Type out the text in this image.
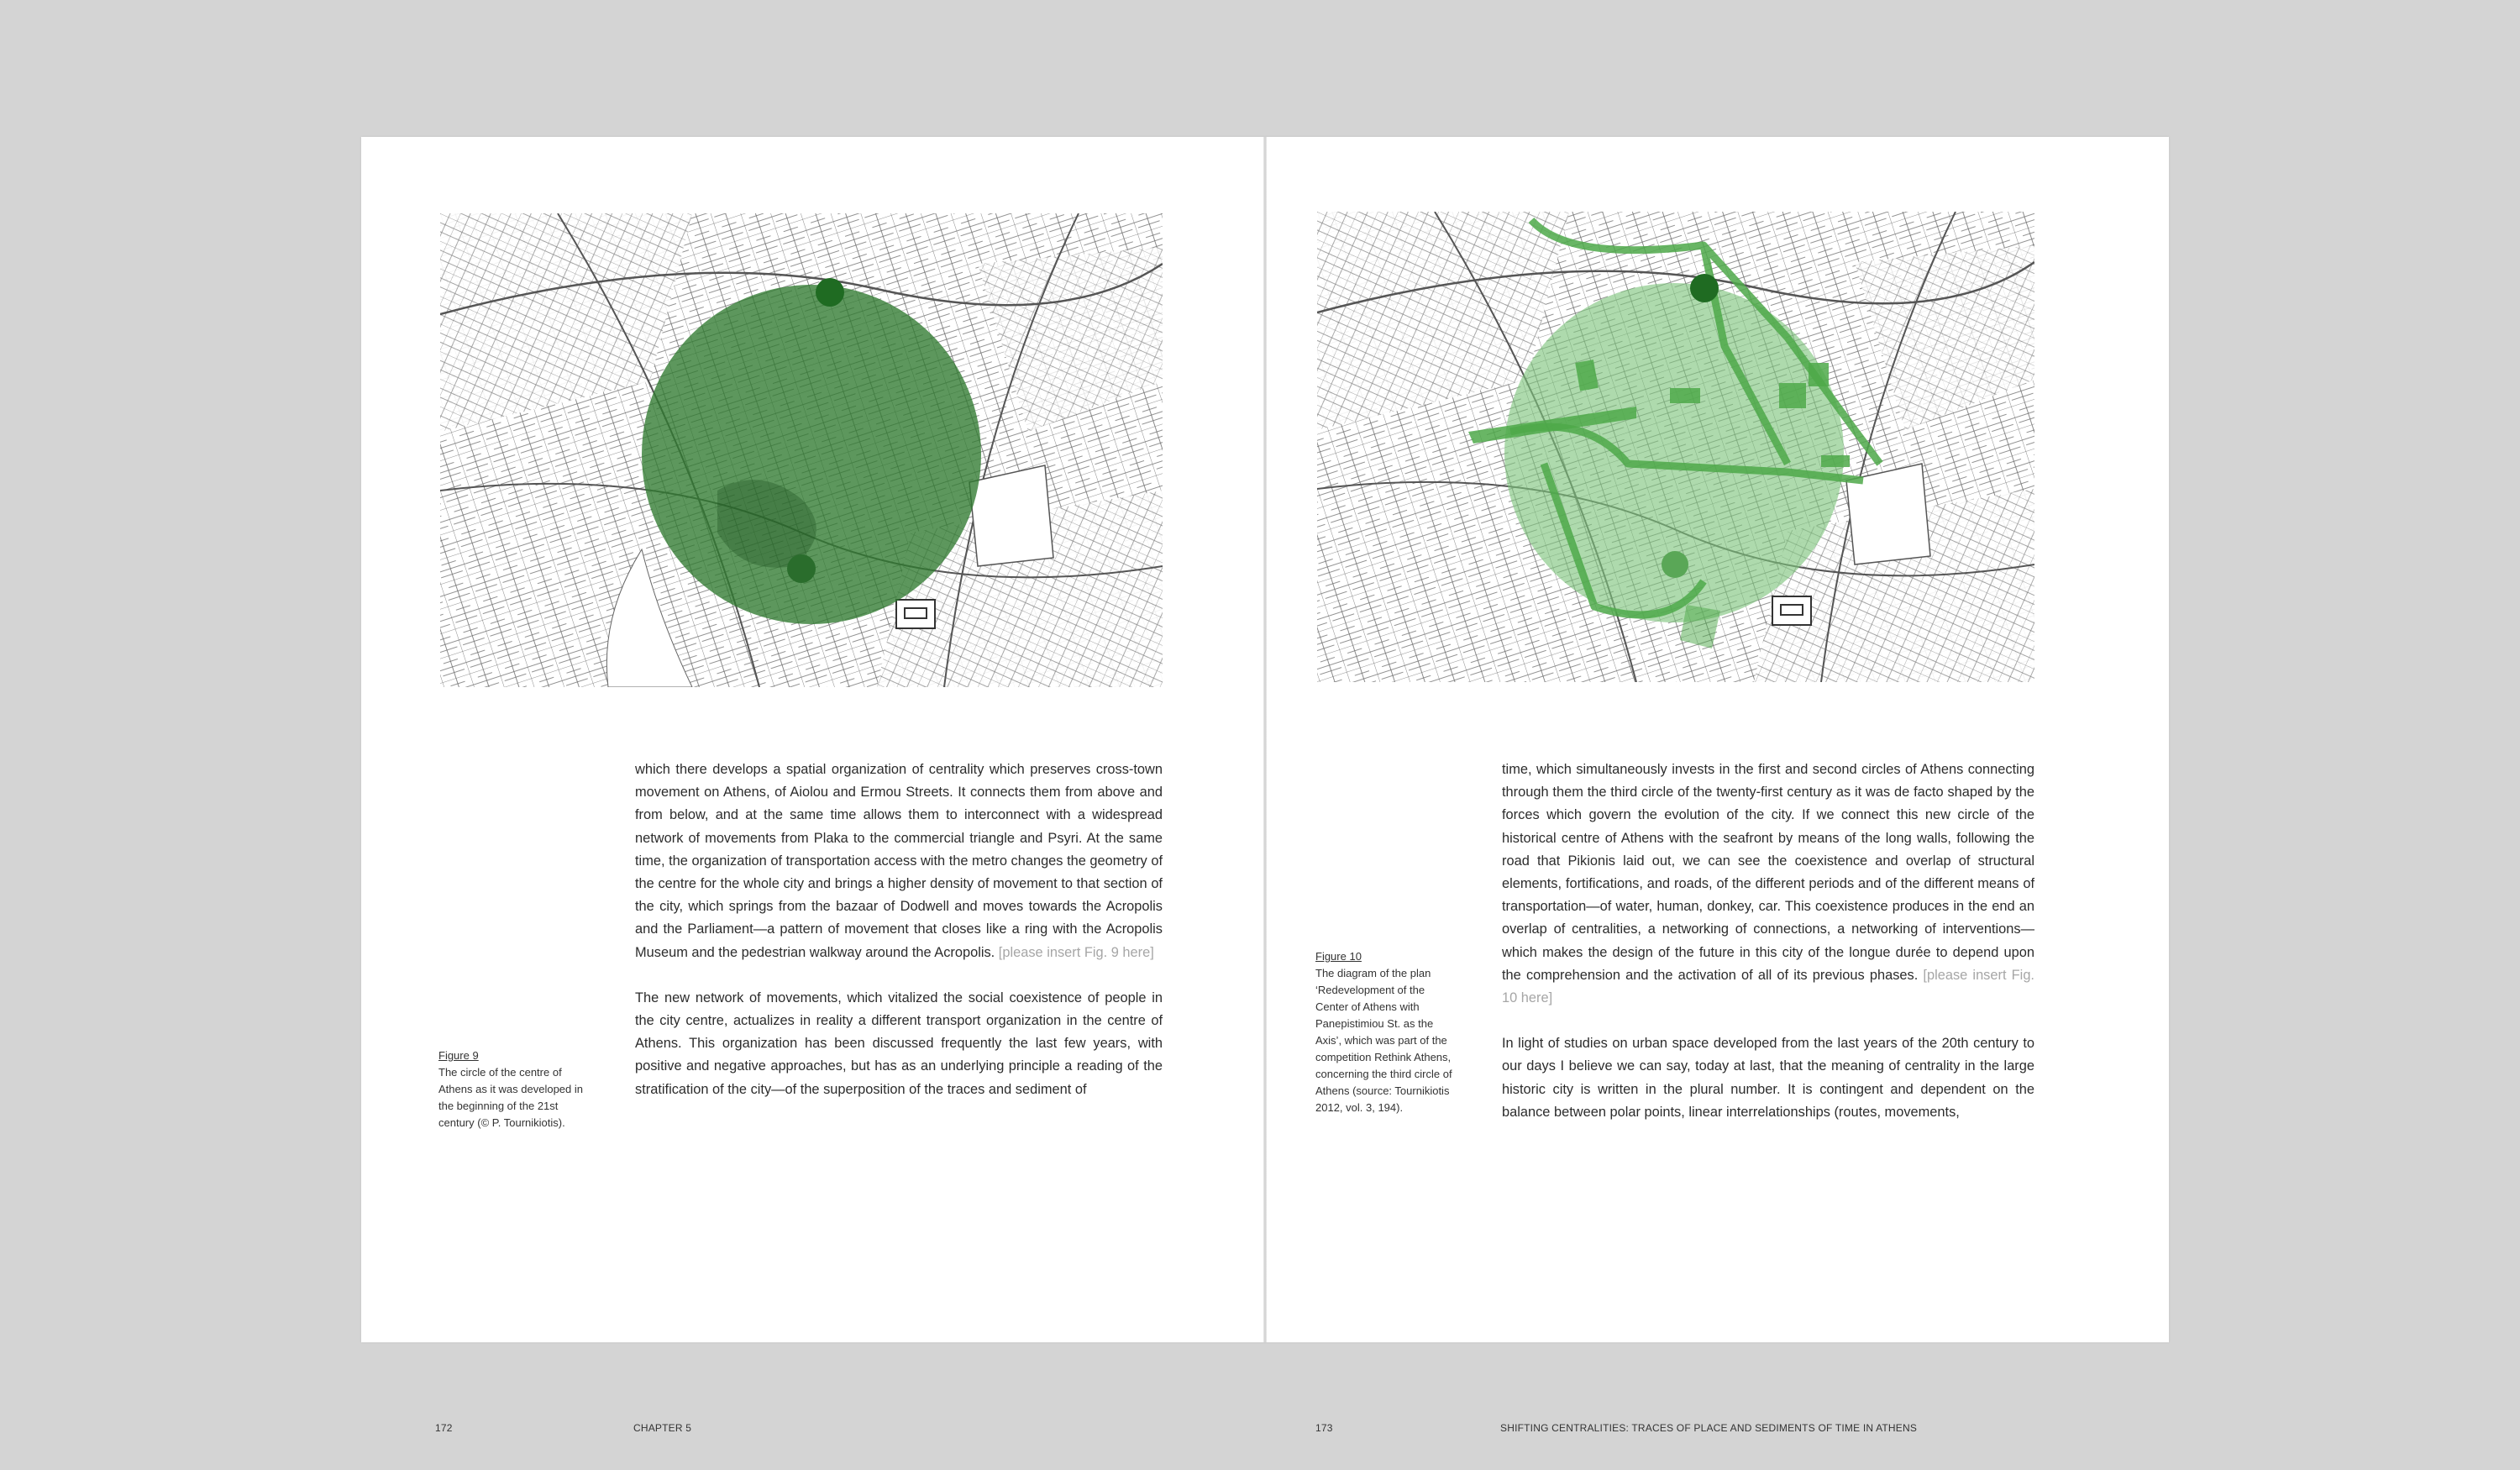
Figure 9
The circle of the centre of Athens as it was developed in the beginning of the 21st century (© P. Tournikiotis).

which there develops a spatial organization of centrality which preserves cross-town movement on Athens, of Aiolou and Ermou Streets. It connects them from above and from below, and at the same time allows them to interconnect with a widespread network of movements from Plaka to the commercial triangle and Psyri. At the same time, the organization of transportation access with the metro changes the geometry of the centre for the whole city and brings a higher density of movement to that section of the city, which springs from the bazaar of Dodwell and moves towards the Acropolis and the Parliament—a pattern of movement that closes like a ring with the Acropolis Museum and the pedestrian walkway around the Acropolis. [please insert Fig. 9 here]

The new network of movements, which vitalized the social coexistence of people in the city centre, actualizes in reality a different transport organization in the centre of Athens. This organization has been discussed frequently the last few years, with positive and negative approaches, but has as an underlying principle a reading of the stratification of the city—of the superposition of the traces and sediment of

172	CHAPTER 5
Figure 10
The diagram of the plan ‘Redevelopment of the Center of Athens with Panepistimiou St. as the Axis’, which was part of the competition Rethink Athens, concerning the third circle of Athens (source: Tournikiotis 2012, vol. 3, 194).

time, which simultaneously invests in the first and second circles of Athens connecting through them the third circle of the twenty-first century as it was de facto shaped by the forces which govern the evolution of the city. If we connect this new circle of the historical centre of Athens with the seafront by means of the long walls, following the road that Pikionis laid out, we can see the coexistence and overlap of structural elements, fortifications, and roads, of the different periods and of the different means of transportation—of water, human, donkey, car. This coexistence produces in the end an overlap of centralities, a networking of connections, a networking of interventions—which makes the design of the future in this city of the longue durée to depend upon the comprehension and the activation of all of its previous phases. [please insert Fig. 10 here]

In light of studies on urban space developed from the last years of the 20th century to our days I believe we can say, today at last, that the meaning of centrality in the large historic city is written in the plural number. It is contingent and dependent on the balance between polar points, linear interrelationships (routes, movements,

173	SHIFTING CENTRALITIES: TRACES OF PLACE AND SEDIMENTS OF TIME IN ATHENS
